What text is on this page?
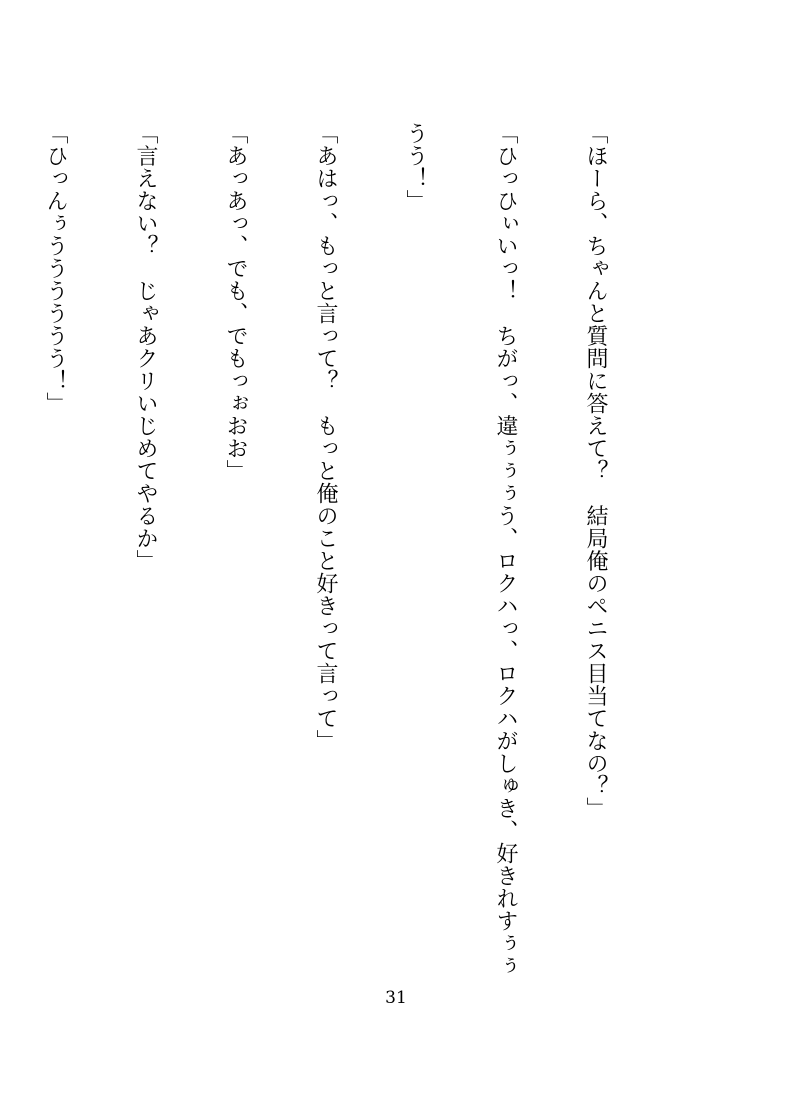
「ほーら、ちゃんと質問に答えて？　結局俺のペニス目当てなの？」

「ひっひぃいっ！　ちがっ、違ぅぅぅう、ロクハっ、ロクハがしゅき、好きれすぅぅ

うう！」

「あはっ、もっと言って？　もっと俺のこと好きって言って」

「あっあっ、でも、でもっぉおお」

「言えない？　じゃあクリいじめてやるか」

「ひっんぅうううううう！」

31
